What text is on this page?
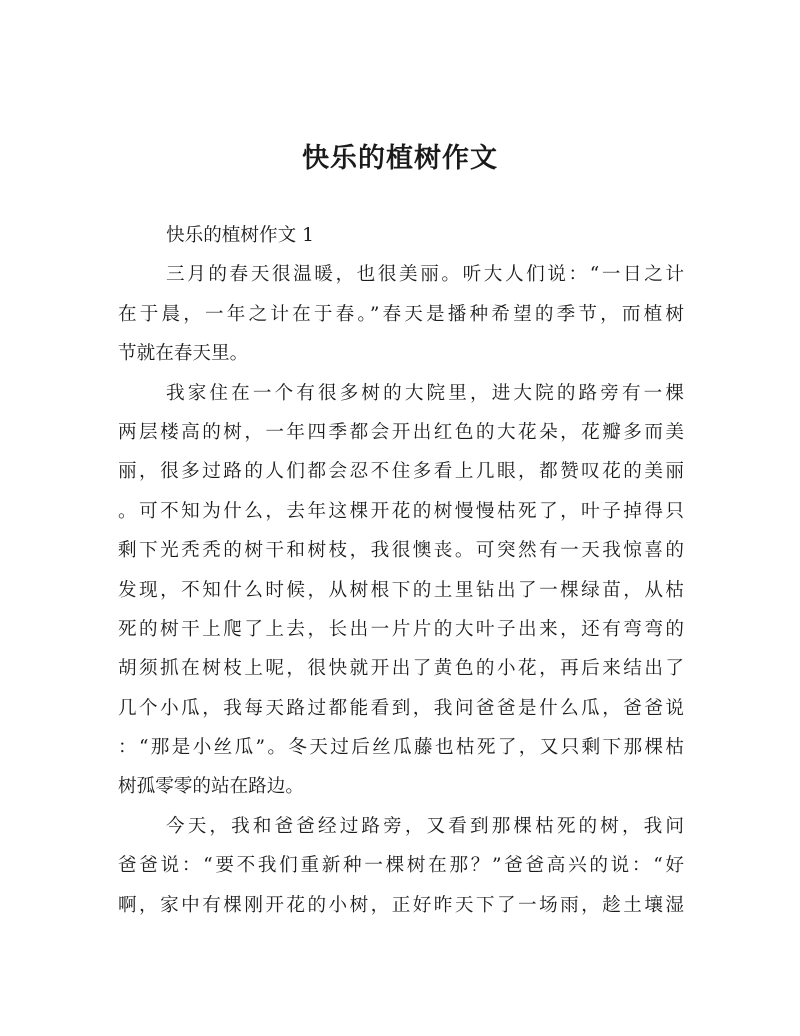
快乐的植树作文
快乐的植树作文 1
三月的春天很温暖，也很美丽。听大人们说：“一日之计
在于晨，一年之计在于春。”春天是播种希望的季节，而植树
节就在春天里。
我家住在一个有很多树的大院里，进大院的路旁有一棵
两层楼高的树，一年四季都会开出红色的大花朵，花瓣多而美
丽，很多过路的人们都会忍不住多看上几眼，都赞叹花的美丽
。可不知为什么，去年这棵开花的树慢慢枯死了，叶子掉得只
剩下光秃秃的树干和树枝，我很懊丧。可突然有一天我惊喜的
发现，不知什么时候，从树根下的土里钻出了一棵绿苗，从枯
死的树干上爬了上去，长出一片片的大叶子出来，还有弯弯的
胡须抓在树枝上呢，很快就开出了黄色的小花，再后来结出了
几个小瓜，我每天路过都能看到，我问爸爸是什么瓜，爸爸说
：“那是小丝瓜”。冬天过后丝瓜藤也枯死了，又只剩下那棵枯
树孤零零的站在路边。
今天，我和爸爸经过路旁，又看到那棵枯死的树，我问
爸爸说：“要不我们重新种一棵树在那？”爸爸高兴的说：“好
啊，家中有棵刚开花的小树，正好昨天下了一场雨，趁土壤湿
